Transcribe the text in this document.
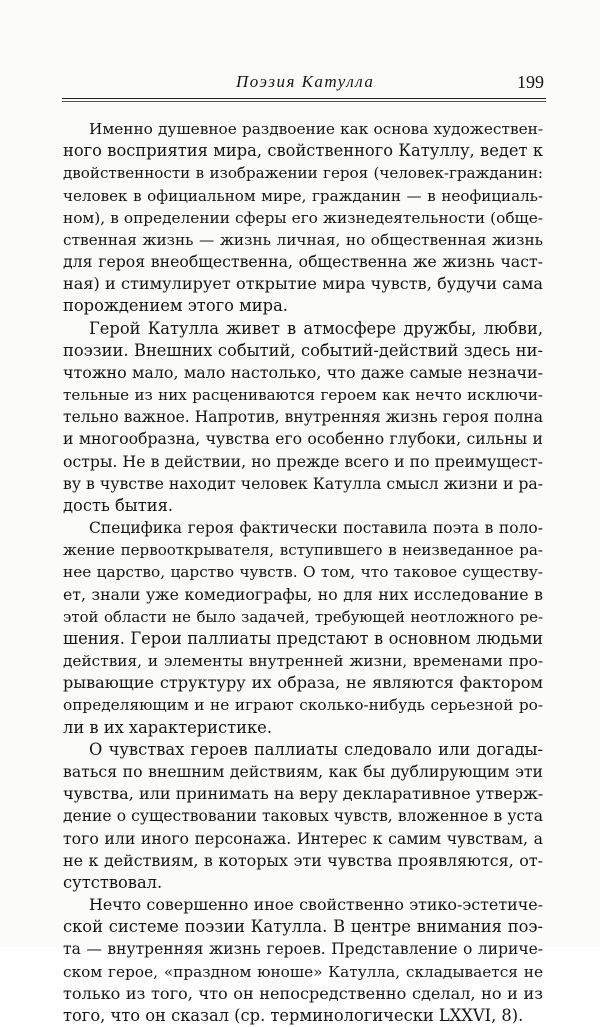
Поэзия Катулла	199
Именно душевное раздвоение как основа художествен-
ного восприятия мира, свойственного Катуллу, ведет к
двойственности в изображении героя (человек-гражданин:
человек в официальном мире, гражданин — в неофициаль-
ном), в определении сферы его жизнедеятельности (обще-
ственная жизнь — жизнь личная, но общественная жизнь
для героя внеобщественна, общественна же жизнь част-
ная) и стимулирует открытие мира чувств, будучи сама
порождением этого мира.
Герой Катулла живет в атмосфере дружбы, любви,
поэзии. Внешних событий, событий-действий здесь ни-
чтожно мало, мало настолько, что даже самые незначи-
тельные из них расцениваются героем как нечто исключи-
тельно важное. Напротив, внутренняя жизнь героя полна
и многообразна, чувства его особенно глубоки, сильны и
остры. Не в действии, но прежде всего и по преимущест-
ву в чувстве находит человек Катулла смысл жизни и ра-
дость бытия.
Специфика героя фактически поставила поэта в поло-
жение первооткрывателя, вступившего в неизведанное ра-
нее царство, царство чувств. О том, что таковое существу-
ет, знали уже комедиографы, но для них исследование в
этой области не было задачей, требующей неотложного ре-
шения. Герои паллиаты предстают в основном людьми
действия, и элементы внутренней жизни, временами про-
рывающие структуру их образа, не являются фактором
определяющим и не играют сколько-нибудь серьезной ро-
ли в их характеристике.
О чувствах героев паллиаты следовало или догады-
ваться по внешним действиям, как бы дублирующим эти
чувства, или принимать на веру декларативное утверж-
дение о существовании таковых чувств, вложенное в уста
того или иного персонажа. Интерес к самим чувствам, а
не к действиям, в которых эти чувства проявляются, от-
сутствовал.
Нечто совершенно иное свойственно этико-эстетиче-
ской системе поэзии Катулла. В центре внимания поэ-
та — внутренняя жизнь героев. Представление о лириче-
ском герое, «праздном юноше» Катулла, складывается не
только из того, что он непосредственно сделал, но и из
того, что он сказал (ср. терминологически LXXVI, 8).
